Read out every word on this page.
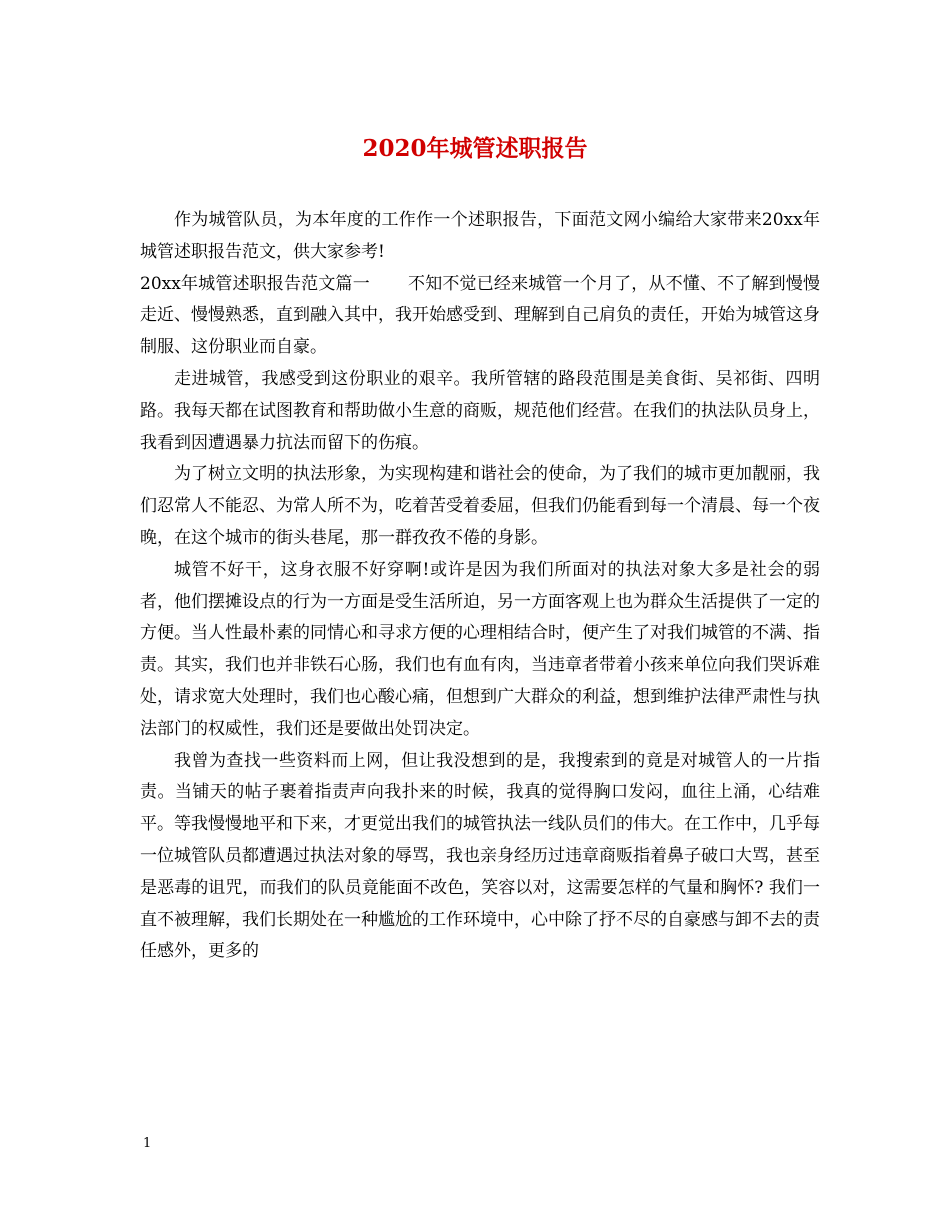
2020年城管述职报告

作为城管队员，为本年度的工作作一个述职报告，下面范文网小编给大家带来20xx年城管述职报告范文，供大家参考!

20xx年城管述职报告范文篇一 不知不觉已经来城管一个月了，从不懂、不了解到慢慢走近、慢慢熟悉，直到融入其中，我开始感受到、理解到自己肩负的责任，开始为城管这身制服、这份职业而自豪。

走进城管，我感受到这份职业的艰辛。我所管辖的路段范围是美食街、吴祁街、四明路。我每天都在试图教育和帮助做小生意的商贩，规范他们经营。在我们的执法队员身上，我看到因遭遇暴力抗法而留下的伤痕。

为了树立文明的执法形象，为实现构建和谐社会的使命，为了我们的城市更加靓丽，我们忍常人不能忍、为常人所不为，吃着苦受着委屈，但我们仍能看到每一个清晨、每一个夜晚，在这个城市的街头巷尾，那一群孜孜不倦的身影。

城管不好干，这身衣服不好穿啊!或许是因为我们所面对的执法对象大多是社会的弱者，他们摆摊设点的行为一方面是受生活所迫，另一方面客观上也为群众生活提供了一定的方便。当人性最朴素的同情心和寻求方便的心理相结合时，便产生了对我们城管的不满、指责。其实，我们也并非铁石心肠，我们也有血有肉，当违章者带着小孩来单位向我们哭诉难处，请求宽大处理时，我们也心酸心痛，但想到广大群众的利益，想到维护法律严肃性与执法部门的权威性，我们还是要做出处罚决定。

我曾为查找一些资料而上网，但让我没想到的是，我搜索到的竟是对城管人的一片指责。当铺天的帖子裹着指责声向我扑来的时候，我真的觉得胸口发闷，血往上涌，心结难平。等我慢慢地平和下来，才更觉出我们的城管执法一线队员们的伟大。在工作中，几乎每一位城管队员都遭遇过执法对象的辱骂，我也亲身经历过违章商贩指着鼻子破口大骂，甚至是恶毒的诅咒，而我们的队员竟能面不改色，笑容以对，这需要怎样的气量和胸怀? 我们一直不被理解，我们长期处在一种尴尬的工作环境中，心中除了抒不尽的自豪感与卸不去的责任感外，更多的

1
